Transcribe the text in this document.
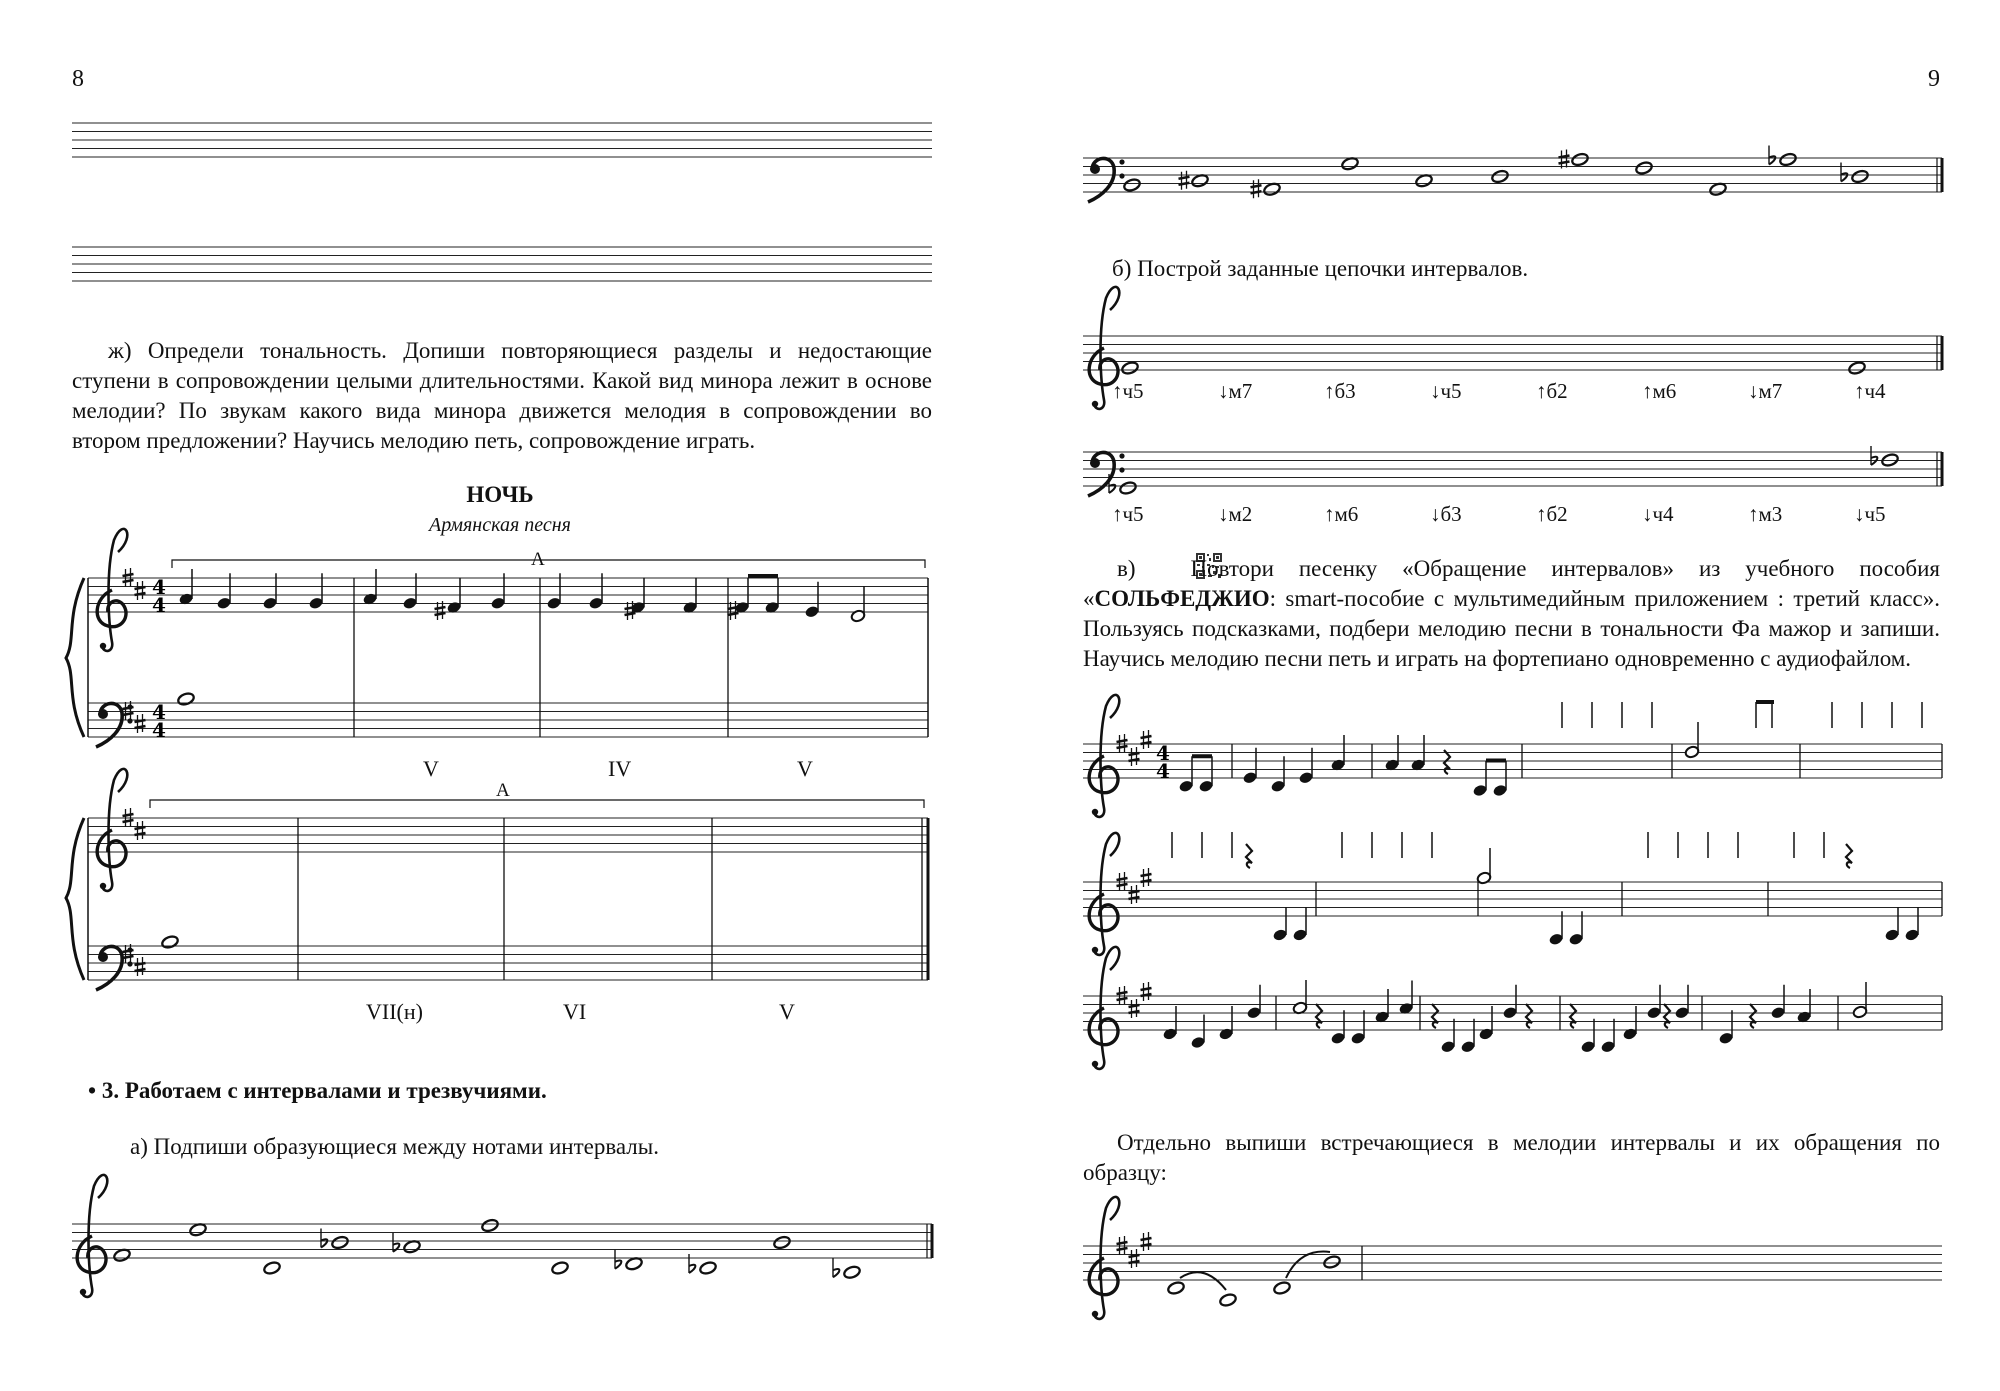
8	9
ж) Определи тональность. Допиши повторяющиеся разделы и недостающие ступени в сопровождении целыми длительностями. Какой вид минора лежит в основе мелодии? По звукам какого вида минора движется мелодия в сопровождении во втором предложении? Научись мелодию петь, сопровождение играть.
НОЧЬ
Армянская песня
• 3. Работаем с интервалами и трезвучиями.
а) Подпиши образующиеся между нотами интервалы.
б) Построй заданные цепочки интервалов.
в) Повтори песенку «Обращение интервалов» из учебного пособия «СОЛЬФЕДЖИО: smart-пособие с мультимедийным приложением : третий класс». Пользуясь подсказками, подбери мелодию песни в тональности Фа мажор и запиши. Научись мелодию песни петь и играть на фортепиано одновременно с аудиофайлом.
Отдельно выпиши встречающиеся в мелодии интервалы и их обращения по образцу:
4
4
4
4
4
4
V	IV	V
VII(н)	VI	V
А
А
↑ч5	↓м7	↑б3	↓ч5	↑б2	↑м6	↓м7	↑ч4
↑ч5	↓м2	↑м6	↓б3	↑б2	↓ч4	↑м3	↓ч5
